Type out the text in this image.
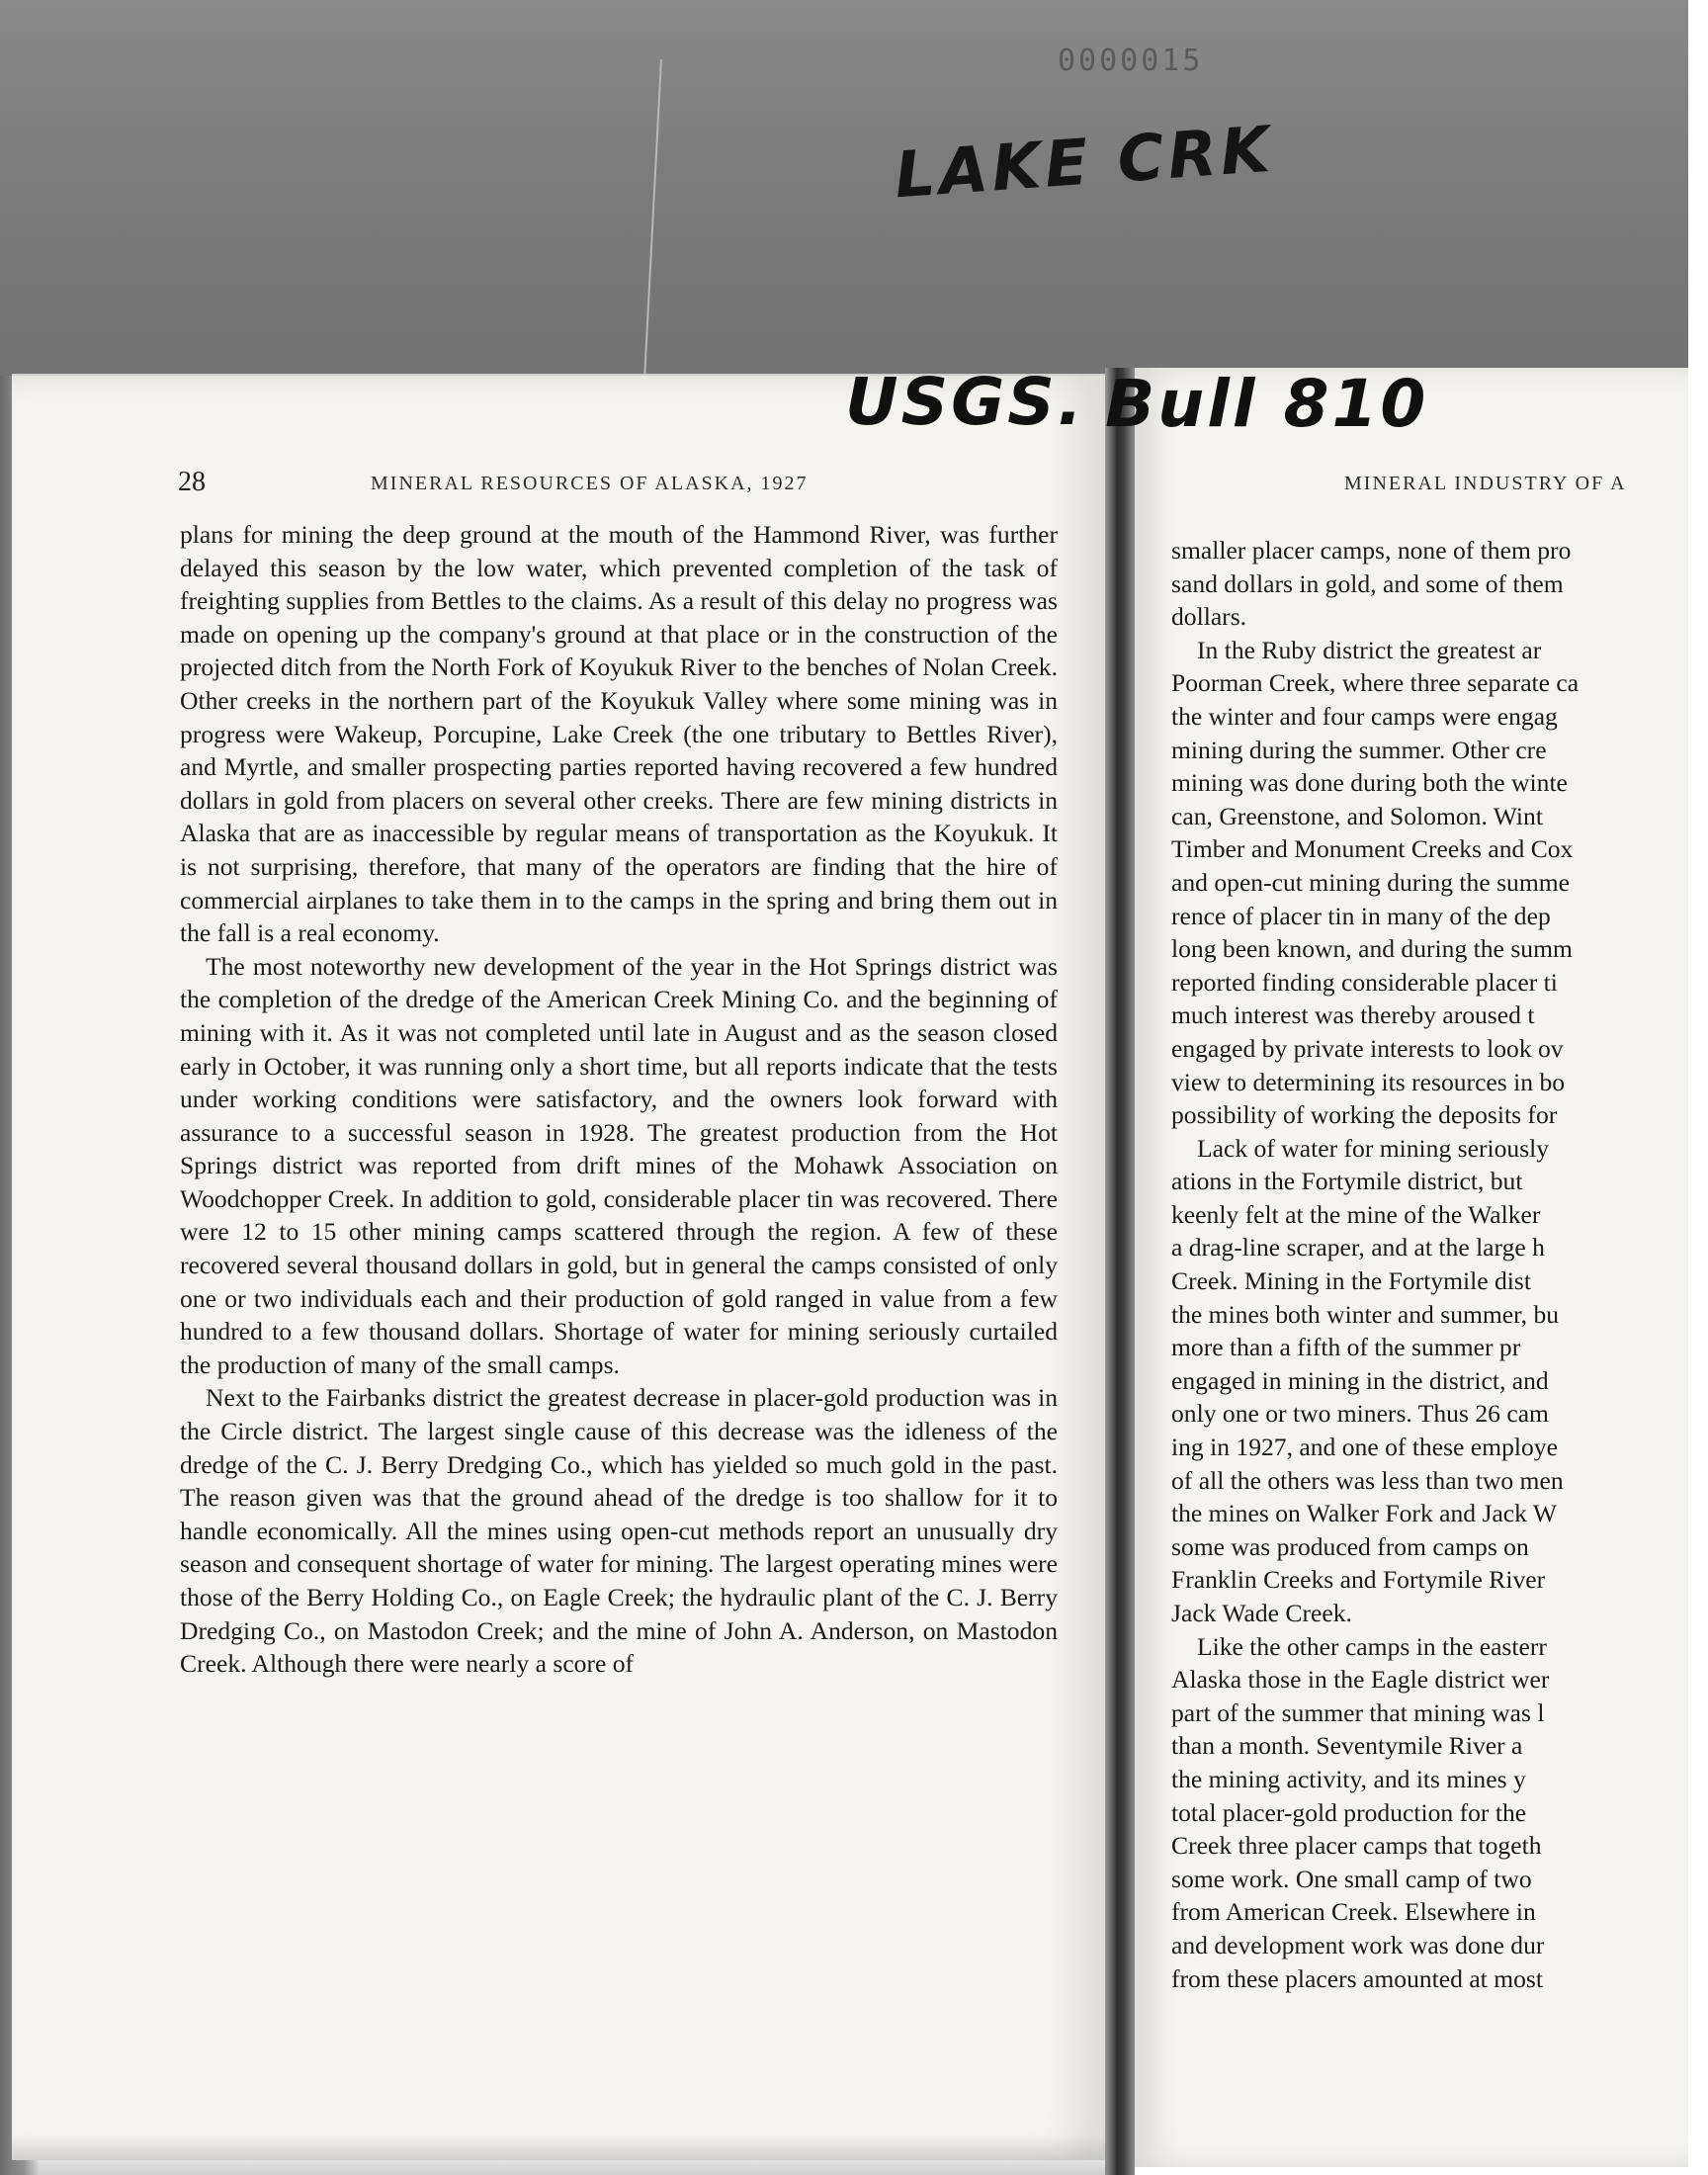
0000015
LAKE CRK
USGS. Bull 810
28	MINERAL RESOURCES OF ALASKA, 1927	MINERAL INDUSTRY OF A

plans for mining the deep ground at the mouth of the Hammond River, was further delayed this season by the low water, which prevented completion of the task of freighting supplies from Bettles to the claims. As a result of this delay no progress was made on opening up the company's ground at that place or in the construction of the projected ditch from the North Fork of Koyukuk River to the benches of Nolan Creek. Other creeks in the northern part of the Koyukuk Valley where some mining was in progress were Wakeup, Porcupine, Lake Creek (the one tributary to Bettles River), and Myrtle, and smaller prospecting parties reported having recovered a few hundred dollars in gold from placers on several other creeks. There are few mining districts in Alaska that are as inaccessible by regular means of transportation as the Koyukuk. It is not surprising, therefore, that many of the operators are finding that the hire of commercial airplanes to take them in to the camps in the spring and bring them out in the fall is a real economy.

The most noteworthy new development of the year in the Hot Springs district was the completion of the dredge of the American Creek Mining Co. and the beginning of mining with it. As it was not completed until late in August and as the season closed early in October, it was running only a short time, but all reports indicate that the tests under working conditions were satisfactory, and the owners look forward with assurance to a successful season in 1928. The greatest production from the Hot Springs district was reported from drift mines of the Mohawk Association on Woodchopper Creek. In addition to gold, considerable placer tin was recovered. There were 12 to 15 other mining camps scattered through the region. A few of these recovered several thousand dollars in gold, but in general the camps consisted of only one or two individuals each and their production of gold ranged in value from a few hundred to a few thousand dollars. Shortage of water for mining seriously curtailed the production of many of the small camps.

Next to the Fairbanks district the greatest decrease in placer-gold production was in the Circle district. The largest single cause of this decrease was the idleness of the dredge of the C. J. Berry Dredging Co., which has yielded so much gold in the past. The reason given was that the ground ahead of the dredge is too shallow for it to handle economically. All the mines using open-cut methods report an unusually dry season and consequent shortage of water for mining. The largest operating mines were those of the Berry Holding Co., on Eagle Creek; the hydraulic plant of the C. J. Berry Dredging Co., on Mastodon Creek; and the mine of John A. Anderson, on Mastodon Creek. Although there were nearly a score of

smaller placer camps, none of them pro
sand dollars in gold, and some of them
dollars.
In the Ruby district the greatest ar
Poorman Creek, where three separate ca
the winter and four camps were engag
mining during the summer. Other cre
mining was done during both the winte
can, Greenstone, and Solomon. Wint
Timber and Monument Creeks and Cox
and open-cut mining during the summe
rence of placer tin in many of the dep
long been known, and during the summ
reported finding considerable placer ti
much interest was thereby aroused t
engaged by private interests to look ov
view to determining its resources in bo
possibility of working the deposits for
Lack of water for mining seriously
ations in the Fortymile district, but
keenly felt at the mine of the Walker
a drag-line scraper, and at the large h
Creek. Mining in the Fortymile dist
the mines both winter and summer, bu
more than a fifth of the summer pr
engaged in mining in the district, and
only one or two miners. Thus 26 cam
ing in 1927, and one of these employe
of all the others was less than two men
the mines on Walker Fork and Jack W
some was produced from camps on
Franklin Creeks and Fortymile River
Jack Wade Creek.
Like the other camps in the easterr
Alaska those in the Eagle district wer
part of the summer that mining was l
than a month. Seventymile River a
the mining activity, and its mines y
total placer-gold production for the
Creek three placer camps that togeth
some work. One small camp of two
from American Creek. Elsewhere in
and development work was done dur
from these placers amounted at most
